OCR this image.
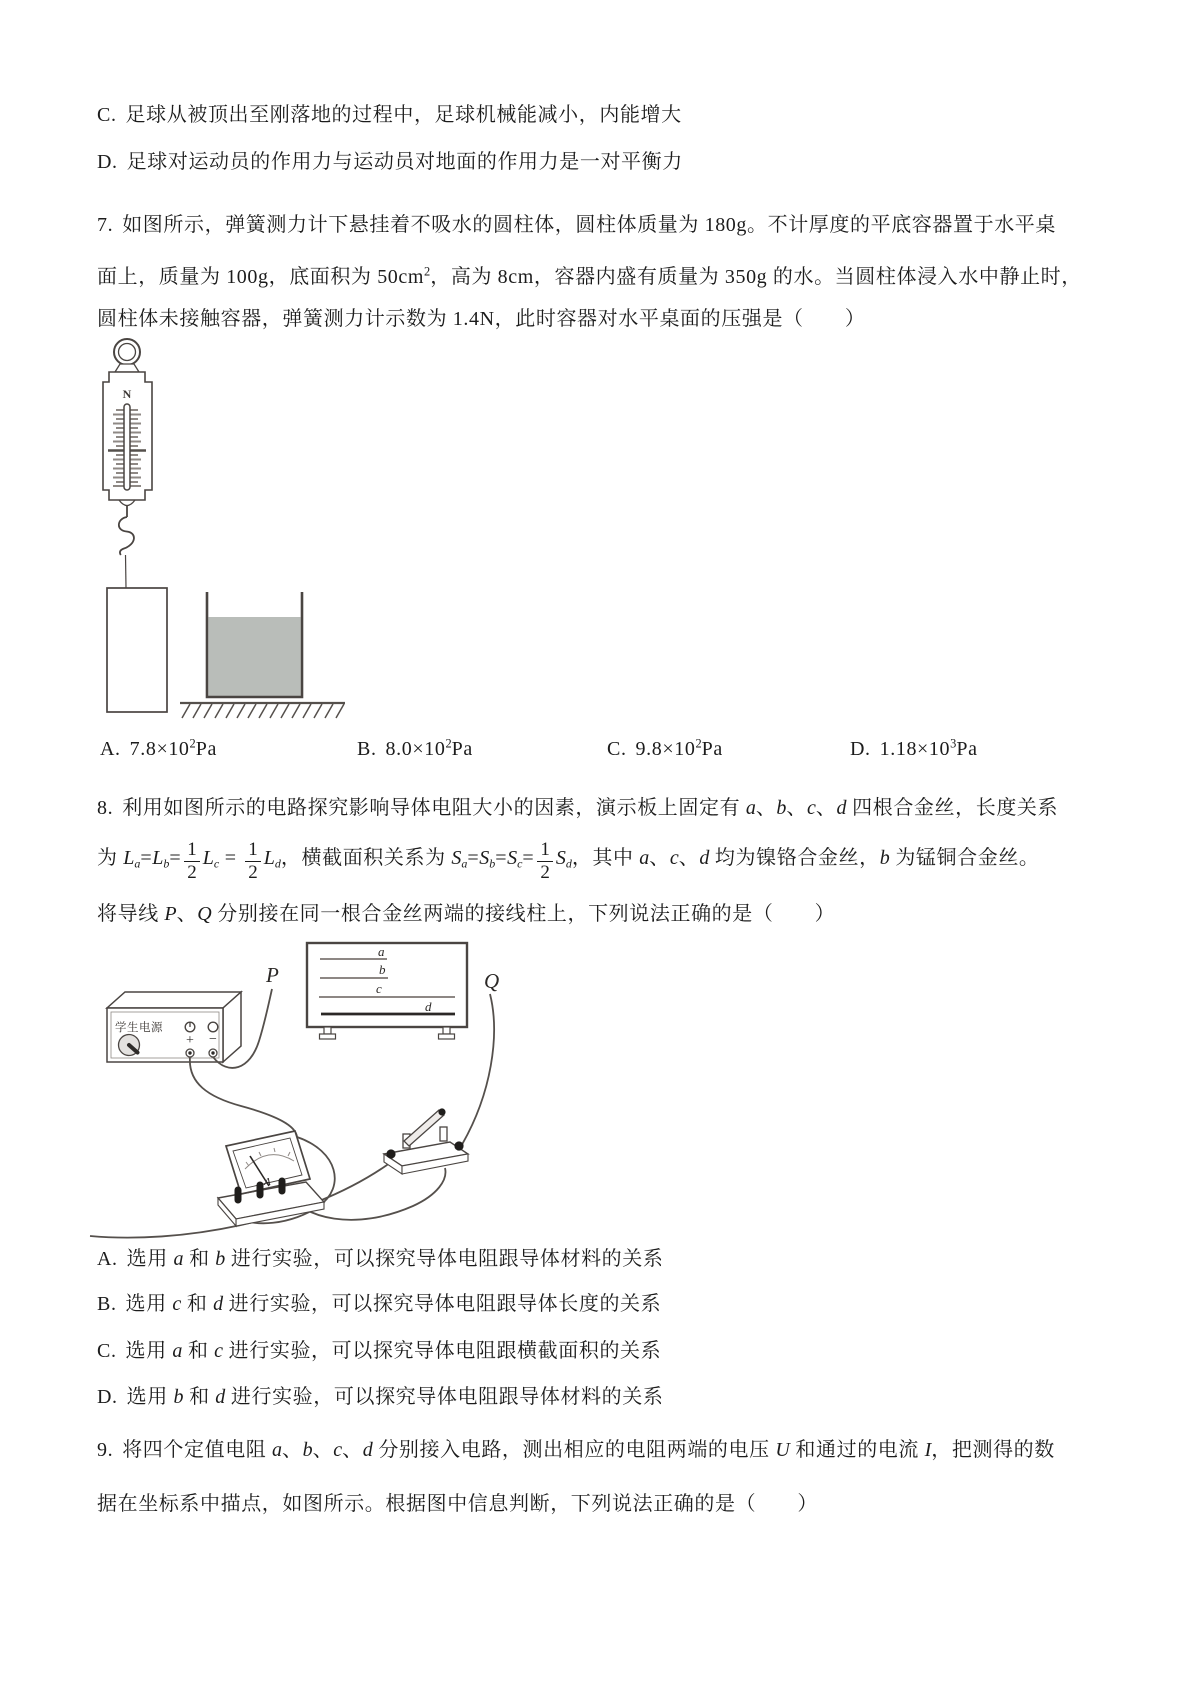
C. 足球从被顶出至刚落地的过程中，足球机械能减小，内能增大
D. 足球对运动员的作用力与运动员对地面的作用力是一对平衡力
7. 如图所示，弹簧测力计下悬挂着不吸水的圆柱体，圆柱体质量为 180g。不计厚度的平底容器置于水平桌
面上，质量为 100g，底面积为 $50cm^2$，高为 8cm，容器内盛有质量为 350g 的水。当圆柱体浸入水中静止时，
圆柱体未接触容器，弹簧测力计示数为 1.4N，此时容器对水平桌面的压强是（　　）
N
A. $7.8\times 10^2Pa$	B. $8.0\times 10^2Pa$	C. $9.8\times 10^2Pa$	D. $1.18\times 10^3Pa$
8. 利用如图所示的电路探究影响导体电阻大小的因素，演示板上固定有 a、b、c、d 四根合金丝，长度关系
为 $L_a=L_b= \frac{1}{2} L_c = \frac{1}{2} L_d$，横截面积关系为 $S_a=S_b=S_c= \frac{1}{2} S_d$，其中 a、c、d 均为镍铬合金丝，b 为锰铜合金丝。
将导线 P、Q 分别接在同一根合金丝两端的接线柱上，下列说法正确的是（　　）
a
b
c
d
学生电源
+ −
A
P	Q
A. 选用 a 和 b 进行实验，可以探究导体电阻跟导体材料的关系
B. 选用 c 和 d 进行实验，可以探究导体电阻跟导体长度的关系
C. 选用 a 和 c 进行实验，可以探究导体电阻跟横截面积的关系
D. 选用 b 和 d 进行实验，可以探究导体电阻跟导体材料的关系
9. 将四个定值电阻 a、b、c、d 分别接入电路，测出相应的电阻两端的电压 U 和通过的电流 I，把测得的数
据在坐标系中描点，如图所示。根据图中信息判断，下列说法正确的是（　　）
